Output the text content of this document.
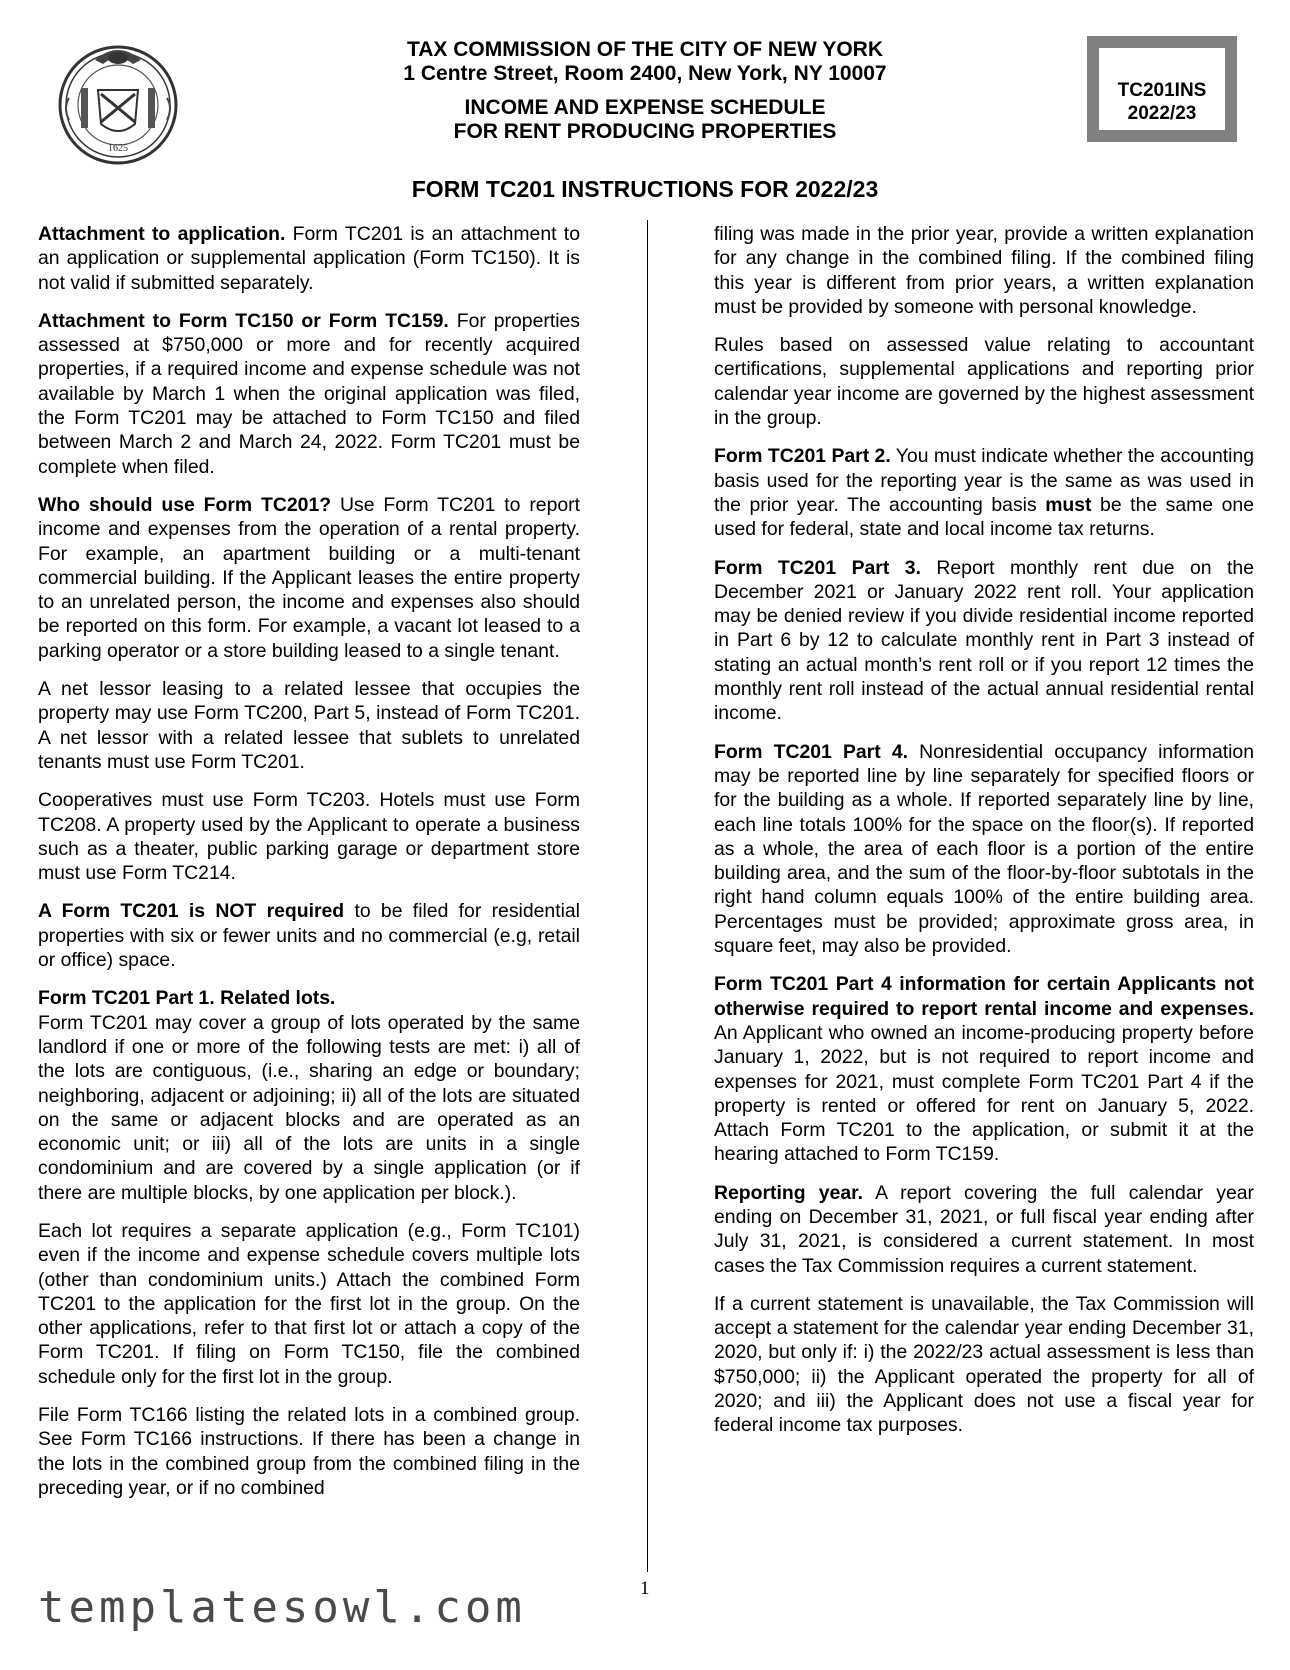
1625
TAX COMMISSION OF THE CITY OF NEW YORK
1 Centre Street, Room 2400, New York, NY 10007
INCOME AND EXPENSE SCHEDULE
FOR RENT PRODUCING PROPERTIES
TC201INS
2022/23
FORM TC201 INSTRUCTIONS FOR 2022/23

Attachment to application. Form TC201 is an attachment to an application or supplemental application (Form TC150). It is not valid if submitted separately.

Attachment to Form TC150 or Form TC159. For properties assessed at $750,000 or more and for recently acquired properties, if a required income and expense schedule was not available by March 1 when the original application was filed, the Form TC201 may be attached to Form TC150 and filed between March 2 and March 24, 2022. Form TC201 must be complete when filed.

Who should use Form TC201? Use Form TC201 to report income and expenses from the operation of a rental property. For example, an apartment building or a multi-tenant commercial building. If the Applicant leases the entire property to an unrelated person, the income and expenses also should be reported on this form. For example, a vacant lot leased to a parking operator or a store building leased to a single tenant.

A net lessor leasing to a related lessee that occupies the property may use Form TC200, Part 5, instead of Form TC201. A net lessor with a related lessee that sublets to unrelated tenants must use Form TC201.

Cooperatives must use Form TC203. Hotels must use Form TC208. A property used by the Applicant to operate a business such as a theater, public parking garage or department store must use Form TC214.

A Form TC201 is NOT required to be filed for residential properties with six or fewer units and no commercial (e.g, retail or office) space.

Form TC201 Part 1. Related lots.
Form TC201 may cover a group of lots operated by the same landlord if one or more of the following tests are met: i) all of the lots are contiguous, (i.e., sharing an edge or boundary; neighboring, adjacent or adjoining; ii) all of the lots are situated on the same or adjacent blocks and are operated as an economic unit; or iii) all of the lots are units in a single condominium and are covered by a single application (or if there are multiple blocks, by one application per block.).

Each lot requires a separate application (e.g., Form TC101) even if the income and expense schedule covers multiple lots (other than condominium units.) Attach the combined Form TC201 to the application for the first lot in the group. On the other applications, refer to that first lot or attach a copy of the Form TC201. If filing on Form TC150, file the combined schedule only for the first lot in the group.

File Form TC166 listing the related lots in a combined group. See Form TC166 instructions. If there has been a change in the lots in the combined group from the combined filing in the preceding year, or if no combined

filing was made in the prior year, provide a written explanation for any change in the combined filing. If the combined filing this year is different from prior years, a written explanation must be provided by someone with personal knowledge.

Rules based on assessed value relating to accountant certifications, supplemental applications and reporting prior calendar year income are governed by the highest assessment in the group.

Form TC201 Part 2. You must indicate whether the accounting basis used for the reporting year is the same as was used in the prior year. The accounting basis must be the same one used for federal, state and local income tax returns.

Form TC201 Part 3. Report monthly rent due on the December 2021 or January 2022 rent roll. Your application may be denied review if you divide residential income reported in Part 6 by 12 to calculate monthly rent in Part 3 instead of stating an actual month’s rent roll or if you report 12 times the monthly rent roll instead of the actual annual residential rental income.

Form TC201 Part 4. Nonresidential occupancy information may be reported line by line separately for specified floors or for the building as a whole. If reported separately line by line, each line totals 100% for the space on the floor(s). If reported as a whole, the area of each floor is a portion of the entire building area, and the sum of the floor-by-floor subtotals in the right hand column equals 100% of the entire building area. Percentages must be provided; approximate gross area, in square feet, may also be provided.

Form TC201 Part 4 information for certain Applicants not otherwise required to report rental income and expenses. An Applicant who owned an income-producing property before January 1, 2022, but is not required to report income and expenses for 2021, must complete Form TC201 Part 4 if the property is rented or offered for rent on January 5, 2022. Attach Form TC201 to the application, or submit it at the hearing attached to Form TC159.

Reporting year. A report covering the full calendar year ending on December 31, 2021, or full fiscal year ending after July 31, 2021, is considered a current statement. In most cases the Tax Commission requires a current statement.

If a current statement is unavailable, the Tax Commission will accept a statement for the calendar year ending December 31, 2020, but only if: i) the 2022/23 actual assessment is less than $750,000; ii) the Applicant operated the property for all of 2020; and iii) the Applicant does not use a fiscal year for federal income tax purposes.

templatesowl.com	1
